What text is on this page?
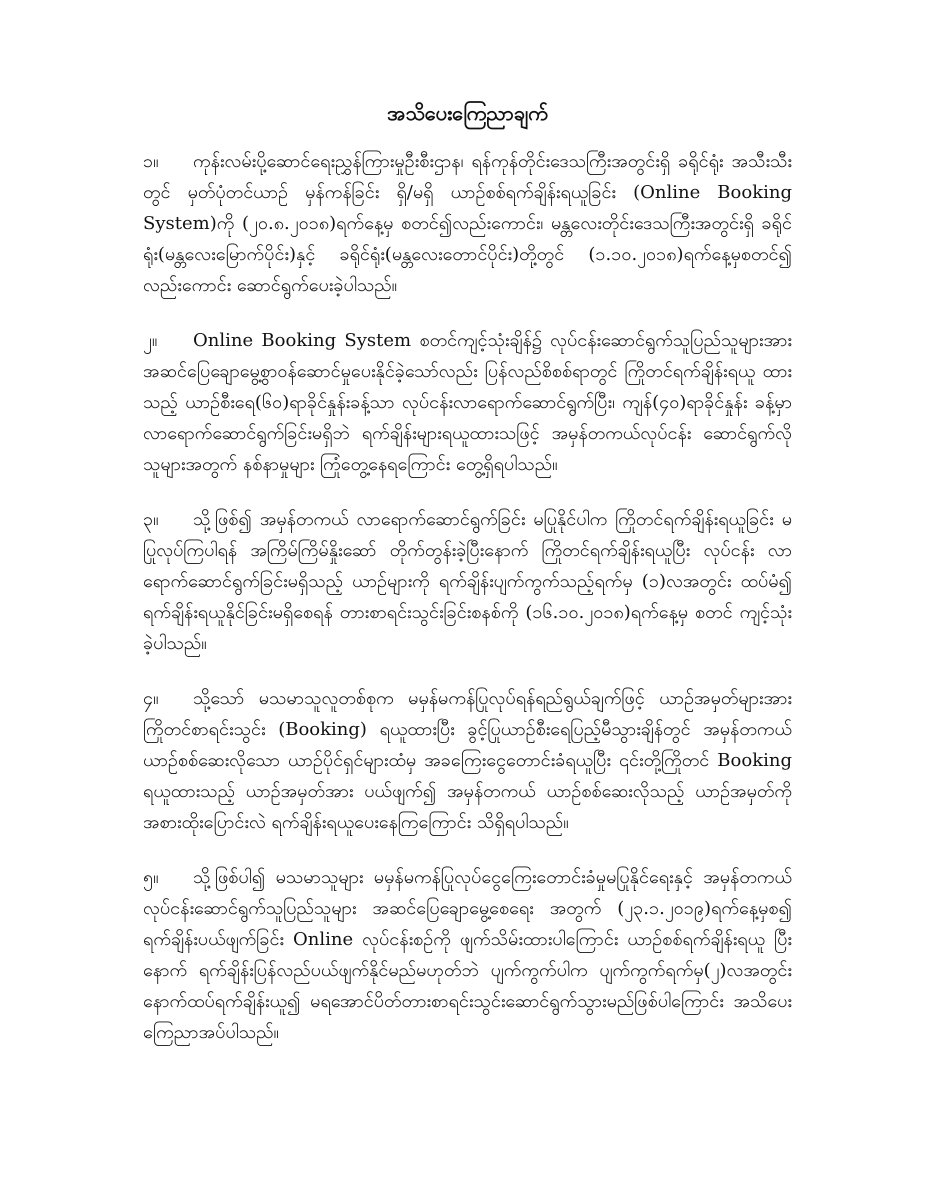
အသိပေးကြေညာချက်

၁။ ကုန်းလမ်းပို့ဆောင်ရေးညွှန်ကြားမှုဦးစီးဌာန၊ ရန်ကုန်တိုင်းဒေသကြီးအတွင်းရှိ ခရိုင်ရုံး အသီးသီးတွင် မှတ်ပုံတင်ယာဉ် မှန်ကန်ခြင်း ရှိ/မရှိ ယာဉ်စစ်ရက်ချိန်းရယူခြင်း (Online Booking System)ကို (၂၀.၈.၂၀၁၈)ရက်နေ့မှ စတင်၍လည်းကောင်း၊ မန္တလေးတိုင်းဒေသကြီးအတွင်းရှိ ခရိုင်ရုံး(မန္တလေးမြောက်ပိုင်း)နှင့် ခရိုင်ရုံး(မန္တလေးတောင်ပိုင်း)တို့တွင် (၁.၁၀.၂၀၁၈)ရက်နေ့မှစတင်၍ လည်းကောင်း ဆောင်ရွက်ပေးခဲ့ပါသည်။

၂။ Online Booking System စတင်ကျင့်သုံးချိန်၌ လုပ်ငန်းဆောင်ရွက်သူပြည်သူများအား အဆင်ပြေချောမွေ့စွာဝန်ဆောင်မှုပေးနိုင်ခဲ့သော်လည်း ပြန်လည်စိစစ်ရာတွင် ကြိုတင်ရက်ချိန်းရယူ ထားသည့် ယာဉ်စီးရေ(၆၀)ရာခိုင်နှုန်းခန့်သာ လုပ်ငန်းလာရောက်ဆောင်ရွက်ပြီး၊ ကျန်(၄၀)ရာခိုင်နှုန်း ခန့်မှာ လာရောက်ဆောင်ရွက်ခြင်းမရှိဘဲ ရက်ချိန်းများရယူထားသဖြင့် အမှန်တကယ်လုပ်ငန်း ဆောင်ရွက်လိုသူများအတွက် နစ်နာမှုများ ကြုံတွေ့နေရကြောင်း တွေ့ရှိရပါသည်။

၃။ သို့ဖြစ်၍ အမှန်တကယ် လာရောက်ဆောင်ရွက်ခြင်း မပြုနိုင်ပါက ကြိုတင်ရက်ချိန်းရယူခြင်း မပြုလုပ်ကြပါရန် အကြိမ်ကြိမ်နှိုးဆော် တိုက်တွန်းခဲ့ပြီးနောက် ကြိုတင်ရက်ချိန်းရယူပြီး လုပ်ငန်း လာရောက်ဆောင်ရွက်ခြင်းမရှိသည့် ယာဉ်များကို ရက်ချိန်းပျက်ကွက်သည့်ရက်မှ (၁)လအတွင်း ထပ်မံ၍ ရက်ချိန်းရယူနိုင်ခြင်းမရှိစေရန် တားစာရင်းသွင်းခြင်းစနစ်ကို (၁၆.၁၀.၂၀၁၈)ရက်နေ့မှ စတင် ကျင့်သုံးခဲ့ပါသည်။

၄။ သို့သော် မသမာသူလူတစ်စုက မမှန်မကန်ပြုလုပ်ရန်ရည်ရွယ်ချက်ဖြင့် ယာဉ်အမှတ်များအား ကြိုတင်စာရင်းသွင်း (Booking) ရယူထားပြီး ခွင့်ပြုယာဉ်စီးရေပြည့်မီသွားချိန်တွင် အမှန်တကယ် ယာဉ်စစ်ဆေးလိုသော ယာဉ်ပိုင်ရှင်များထံမှ အခကြေးငွေတောင်းခံရယူပြီး ၎င်းတို့ကြိုတင် Booking ရယူထားသည့် ယာဉ်အမှတ်အား ပယ်ဖျက်၍ အမှန်တကယ် ယာဉ်စစ်ဆေးလိုသည့် ယာဉ်အမှတ်ကို အစားထိုးပြောင်းလဲ ရက်ချိန်းရယူပေးနေကြကြောင်း သိရှိရပါသည်။

၅။ သို့ဖြစ်ပါ၍ မသမာသူများ မမှန်မကန်ပြုလုပ်ငွေကြေးတောင်းခံမှုမပြုနိုင်ရေးနှင့် အမှန်တကယ် လုပ်ငန်းဆောင်ရွက်သူပြည်သူများ အဆင်ပြေချောမွေ့စေရေး အတွက် (၂၃.၁.၂၀၁၉)ရက်နေ့မှစ၍ ရက်ချိန်းပယ်ဖျက်ခြင်း Online လုပ်ငန်းစဉ်ကို ဖျက်သိမ်းထားပါကြောင်း ယာဉ်စစ်ရက်ချိန်းရယူ ပြီးနောက် ရက်ချိန်းပြန်လည်ပယ်ဖျက်နိုင်မည်မဟုတ်ဘဲ ပျက်ကွက်ပါက ပျက်ကွက်ရက်မှ(၂)လအတွင်း နောက်ထပ်ရက်ချိန်းယူ၍ မရအောင်ပိတ်တားစာရင်းသွင်းဆောင်ရွက်သွားမည်ဖြစ်ပါကြောင်း အသိပေး ကြေညာအပ်ပါသည်။
